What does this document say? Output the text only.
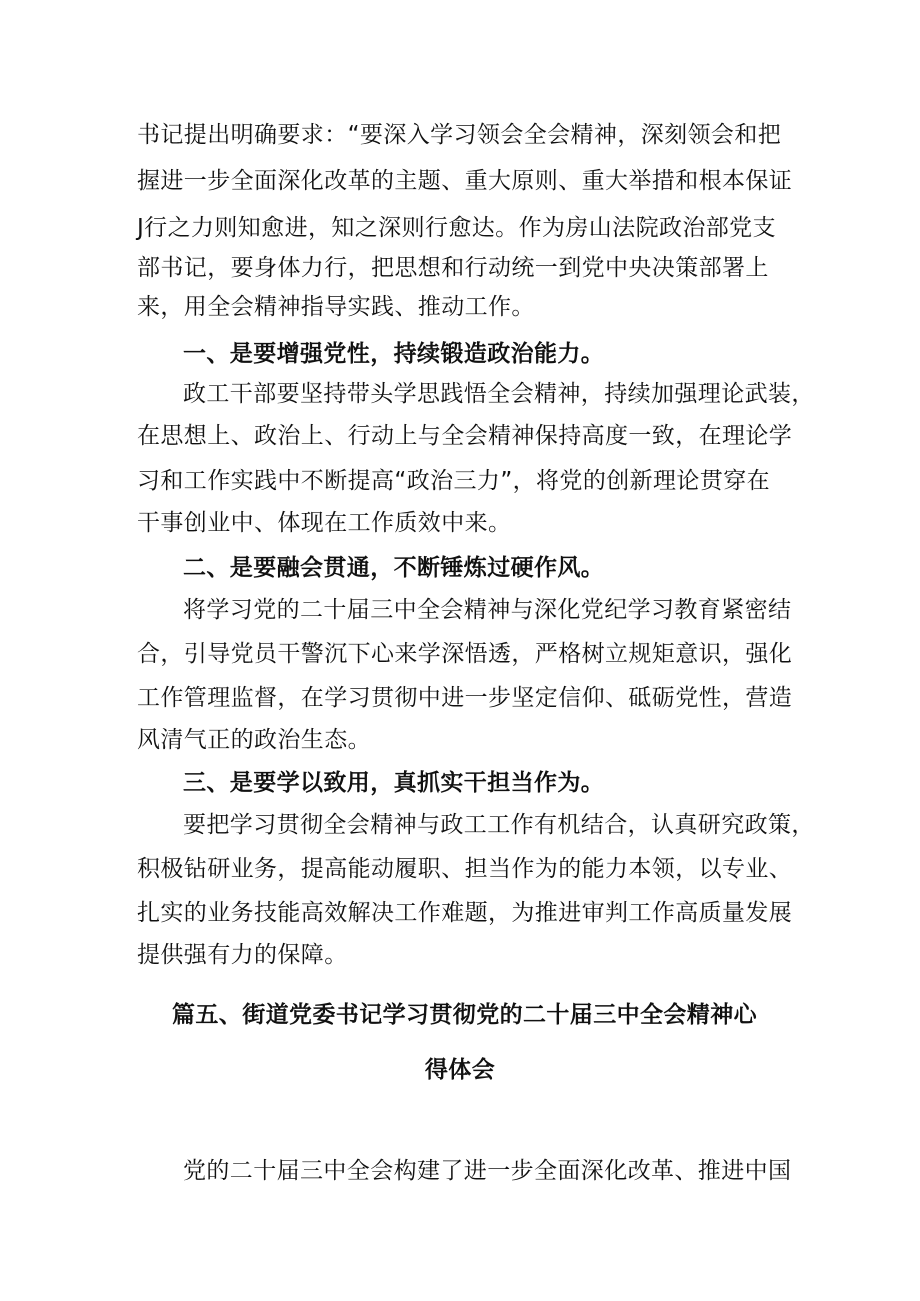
书记提出明确要求：“要深入学习领会全会精神，深刻领会和把
握进一步全面深化改革的主题、重大原则、重大举措和根本保证
J行之力则知愈进，知之深则行愈达。作为房山法院政治部党支
部书记，要身体力行，把思想和行动统一到党中央决策部署上
来，用全会精神指导实践、推动工作。
一、是要增强党性，持续锻造政治能力。
政工干部要坚持带头学思践悟全会精神，持续加强理论武装，
在思想上、政治上、行动上与全会精神保持高度一致，在理论学
习和工作实践中不断提高“政治三力”，将党的创新理论贯穿在
干事创业中、体现在工作质效中来。
二、是要融会贯通，不断锤炼过硬作风。
将学习党的二十届三中全会精神与深化党纪学习教育紧密结
合，引导党员干警沉下心来学深悟透，严格树立规矩意识，强化
工作管理监督，在学习贯彻中进一步坚定信仰、砥砺党性，营造
风清气正的政治生态。
三、是要学以致用，真抓实干担当作为。
要把学习贯彻全会精神与政工工作有机结合，认真研究政策，
积极钻研业务，提高能动履职、担当作为的能力本领，以专业、
扎实的业务技能高效解决工作难题，为推进审判工作高质量发展
提供强有力的保障。
篇五、街道党委书记学习贯彻党的二十届三中全会精神心
得体会
党的二十届三中全会构建了进一步全面深化改革、推进中国
